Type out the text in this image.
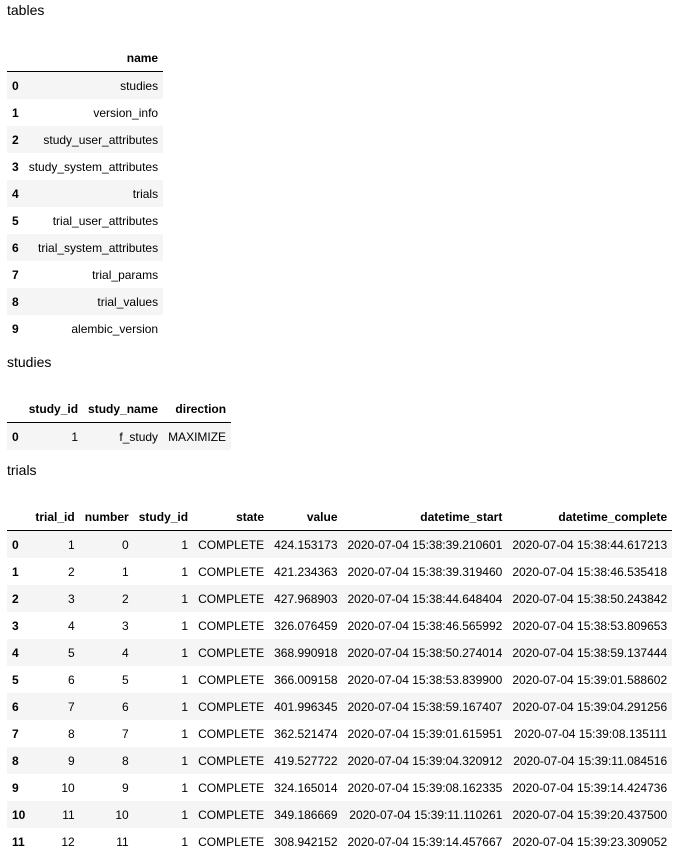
tables
	name
0	studies
1	version_info
2	study_user_attributes
3	study_system_attributes
4	trials
5	trial_user_attributes
6	trial_system_attributes
7	trial_params
8	trial_values
9	alembic_version
studies
	study_id	study_name	direction
0	1	f_study	MAXIMIZE
trials
	trial_id	number	study_id	state	value	datetime_start	datetime_complete
0	1	0	1	COMPLETE	424.153173	2020-07-04 15:38:39.210601	2020-07-04 15:38:44.617213
1	2	1	1	COMPLETE	421.234363	2020-07-04 15:38:39.319460	2020-07-04 15:38:46.535418
2	3	2	1	COMPLETE	427.968903	2020-07-04 15:38:44.648404	2020-07-04 15:38:50.243842
3	4	3	1	COMPLETE	326.076459	2020-07-04 15:38:46.565992	2020-07-04 15:38:53.809653
4	5	4	1	COMPLETE	368.990918	2020-07-04 15:38:50.274014	2020-07-04 15:38:59.137444
5	6	5	1	COMPLETE	366.009158	2020-07-04 15:38:53.839900	2020-07-04 15:39:01.588602
6	7	6	1	COMPLETE	401.996345	2020-07-04 15:38:59.167407	2020-07-04 15:39:04.291256
7	8	7	1	COMPLETE	362.521474	2020-07-04 15:39:01.615951	2020-07-04 15:39:08.135111
8	9	8	1	COMPLETE	419.527722	2020-07-04 15:39:04.320912	2020-07-04 15:39:11.084516
9	10	9	1	COMPLETE	324.165014	2020-07-04 15:39:08.162335	2020-07-04 15:39:14.424736
10	11	10	1	COMPLETE	349.186669	2020-07-04 15:39:11.110261	2020-07-04 15:39:20.437500
11	12	11	1	COMPLETE	308.942152	2020-07-04 15:39:14.457667	2020-07-04 15:39:23.309052
